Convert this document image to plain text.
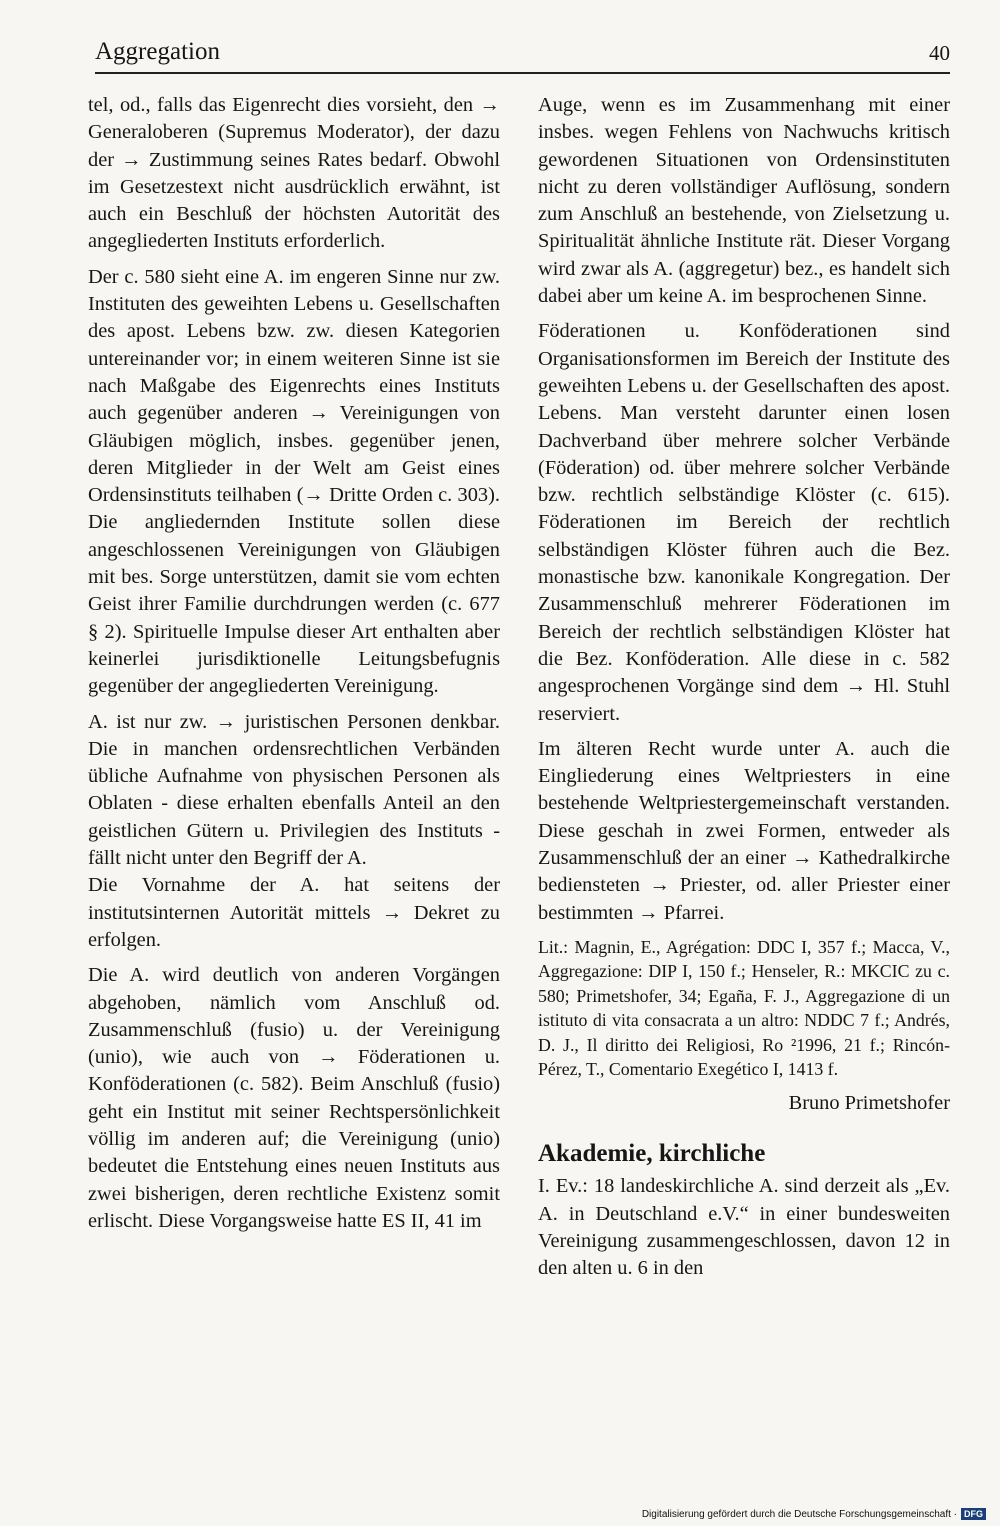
Aggregation	40

tel, od., falls das Eigenrecht dies vorsieht, den → Generaloberen (Supremus Moderator), der dazu der → Zustimmung seines Rates bedarf. Obwohl im Gesetzestext nicht ausdrücklich erwähnt, ist auch ein Beschluß der höchsten Autorität des angegliederten Instituts erforderlich.

Der c. 580 sieht eine A. im engeren Sinne nur zw. Instituten des geweihten Lebens u. Gesellschaften des apost. Lebens bzw. zw. diesen Kategorien untereinander vor; in einem weiteren Sinne ist sie nach Maßgabe des Eigenrechts eines Instituts auch gegenüber anderen → Vereinigungen von Gläubigen möglich, insbes. gegenüber jenen, deren Mitglieder in der Welt am Geist eines Ordensinstituts teilhaben (→ Dritte Orden c. 303). Die angliedernden Institute sollen diese angeschlossenen Vereinigungen von Gläubigen mit bes. Sorge unterstützen, damit sie vom echten Geist ihrer Familie durchdrungen werden (c. 677 § 2). Spirituelle Impulse dieser Art enthalten aber keinerlei jurisdiktionelle Leitungsbefugnis gegenüber der angegliederten Vereinigung.

A. ist nur zw. → juristischen Personen denkbar. Die in manchen ordensrechtlichen Verbänden übliche Aufnahme von physischen Personen als Oblaten - diese erhalten ebenfalls Anteil an den geistlichen Gütern u. Privilegien des Instituts - fällt nicht unter den Begriff der A.

Die Vornahme der A. hat seitens der institutsinternen Autorität mittels → Dekret zu erfolgen.

Die A. wird deutlich von anderen Vorgängen abgehoben, nämlich vom Anschluß od. Zusammenschluß (fusio) u. der Vereinigung (unio), wie auch von → Föderationen u. Konföderationen (c. 582). Beim Anschluß (fusio) geht ein Institut mit seiner Rechtspersönlichkeit völlig im anderen auf; die Vereinigung (unio) bedeutet die Entstehung eines neuen Instituts aus zwei bisherigen, deren rechtliche Existenz somit erlischt. Diese Vorgangsweise hatte ES II, 41 im

Auge, wenn es im Zusammenhang mit einer insbes. wegen Fehlens von Nachwuchs kritisch gewordenen Situationen von Ordensinstituten nicht zu deren vollständiger Auflösung, sondern zum Anschluß an bestehende, von Zielsetzung u. Spiritualität ähnliche Institute rät. Dieser Vorgang wird zwar als A. (aggregetur) bez., es handelt sich dabei aber um keine A. im besprochenen Sinne.

Föderationen u. Konföderationen sind Organisationsformen im Bereich der Institute des geweihten Lebens u. der Gesellschaften des apost. Lebens. Man versteht darunter einen losen Dachverband über mehrere solcher Verbände (Föderation) od. über mehrere solcher Verbände bzw. rechtlich selbständige Klöster (c. 615). Föderationen im Bereich der rechtlich selbständigen Klöster führen auch die Bez. monastische bzw. kanonikale Kongregation. Der Zusammenschluß mehrerer Föderationen im Bereich der rechtlich selbständigen Klöster hat die Bez. Konföderation. Alle diese in c. 582 angesprochenen Vorgänge sind dem → Hl. Stuhl reserviert.

Im älteren Recht wurde unter A. auch die Eingliederung eines Weltpriesters in eine bestehende Weltpriestergemeinschaft verstanden. Diese geschah in zwei Formen, entweder als Zusammenschluß der an einer → Kathedralkirche bediensteten → Priester, od. aller Priester einer bestimmten → Pfarrei.

Lit.: Magnin, E., Agrégation: DDC I, 357 f.; Macca, V., Aggregazione: DIP I, 150 f.; Henseler, R.: MKCIC zu c. 580; Primetshofer, 34; Egaña, F. J., Aggregazione di un istituto di vita consacrata a un altro: NDDC 7 f.; Andrés, D. J., Il diritto dei Religiosi, Ro ²1996, 21 f.; Rincón-Pérez, T., Comentario Exegético I, 1413 f.

Bruno Primetshofer
Akademie, kirchliche

I. Ev.: 18 landeskirchliche A. sind derzeit als „Ev. A. in Deutschland e.V.“ in einer bundesweiten Vereinigung zusammengeschlossen, davon 12 in den alten u. 6 in den

Digitalisierung gefördert durch die Deutsche Forschungsgemeinschaft · DFG
